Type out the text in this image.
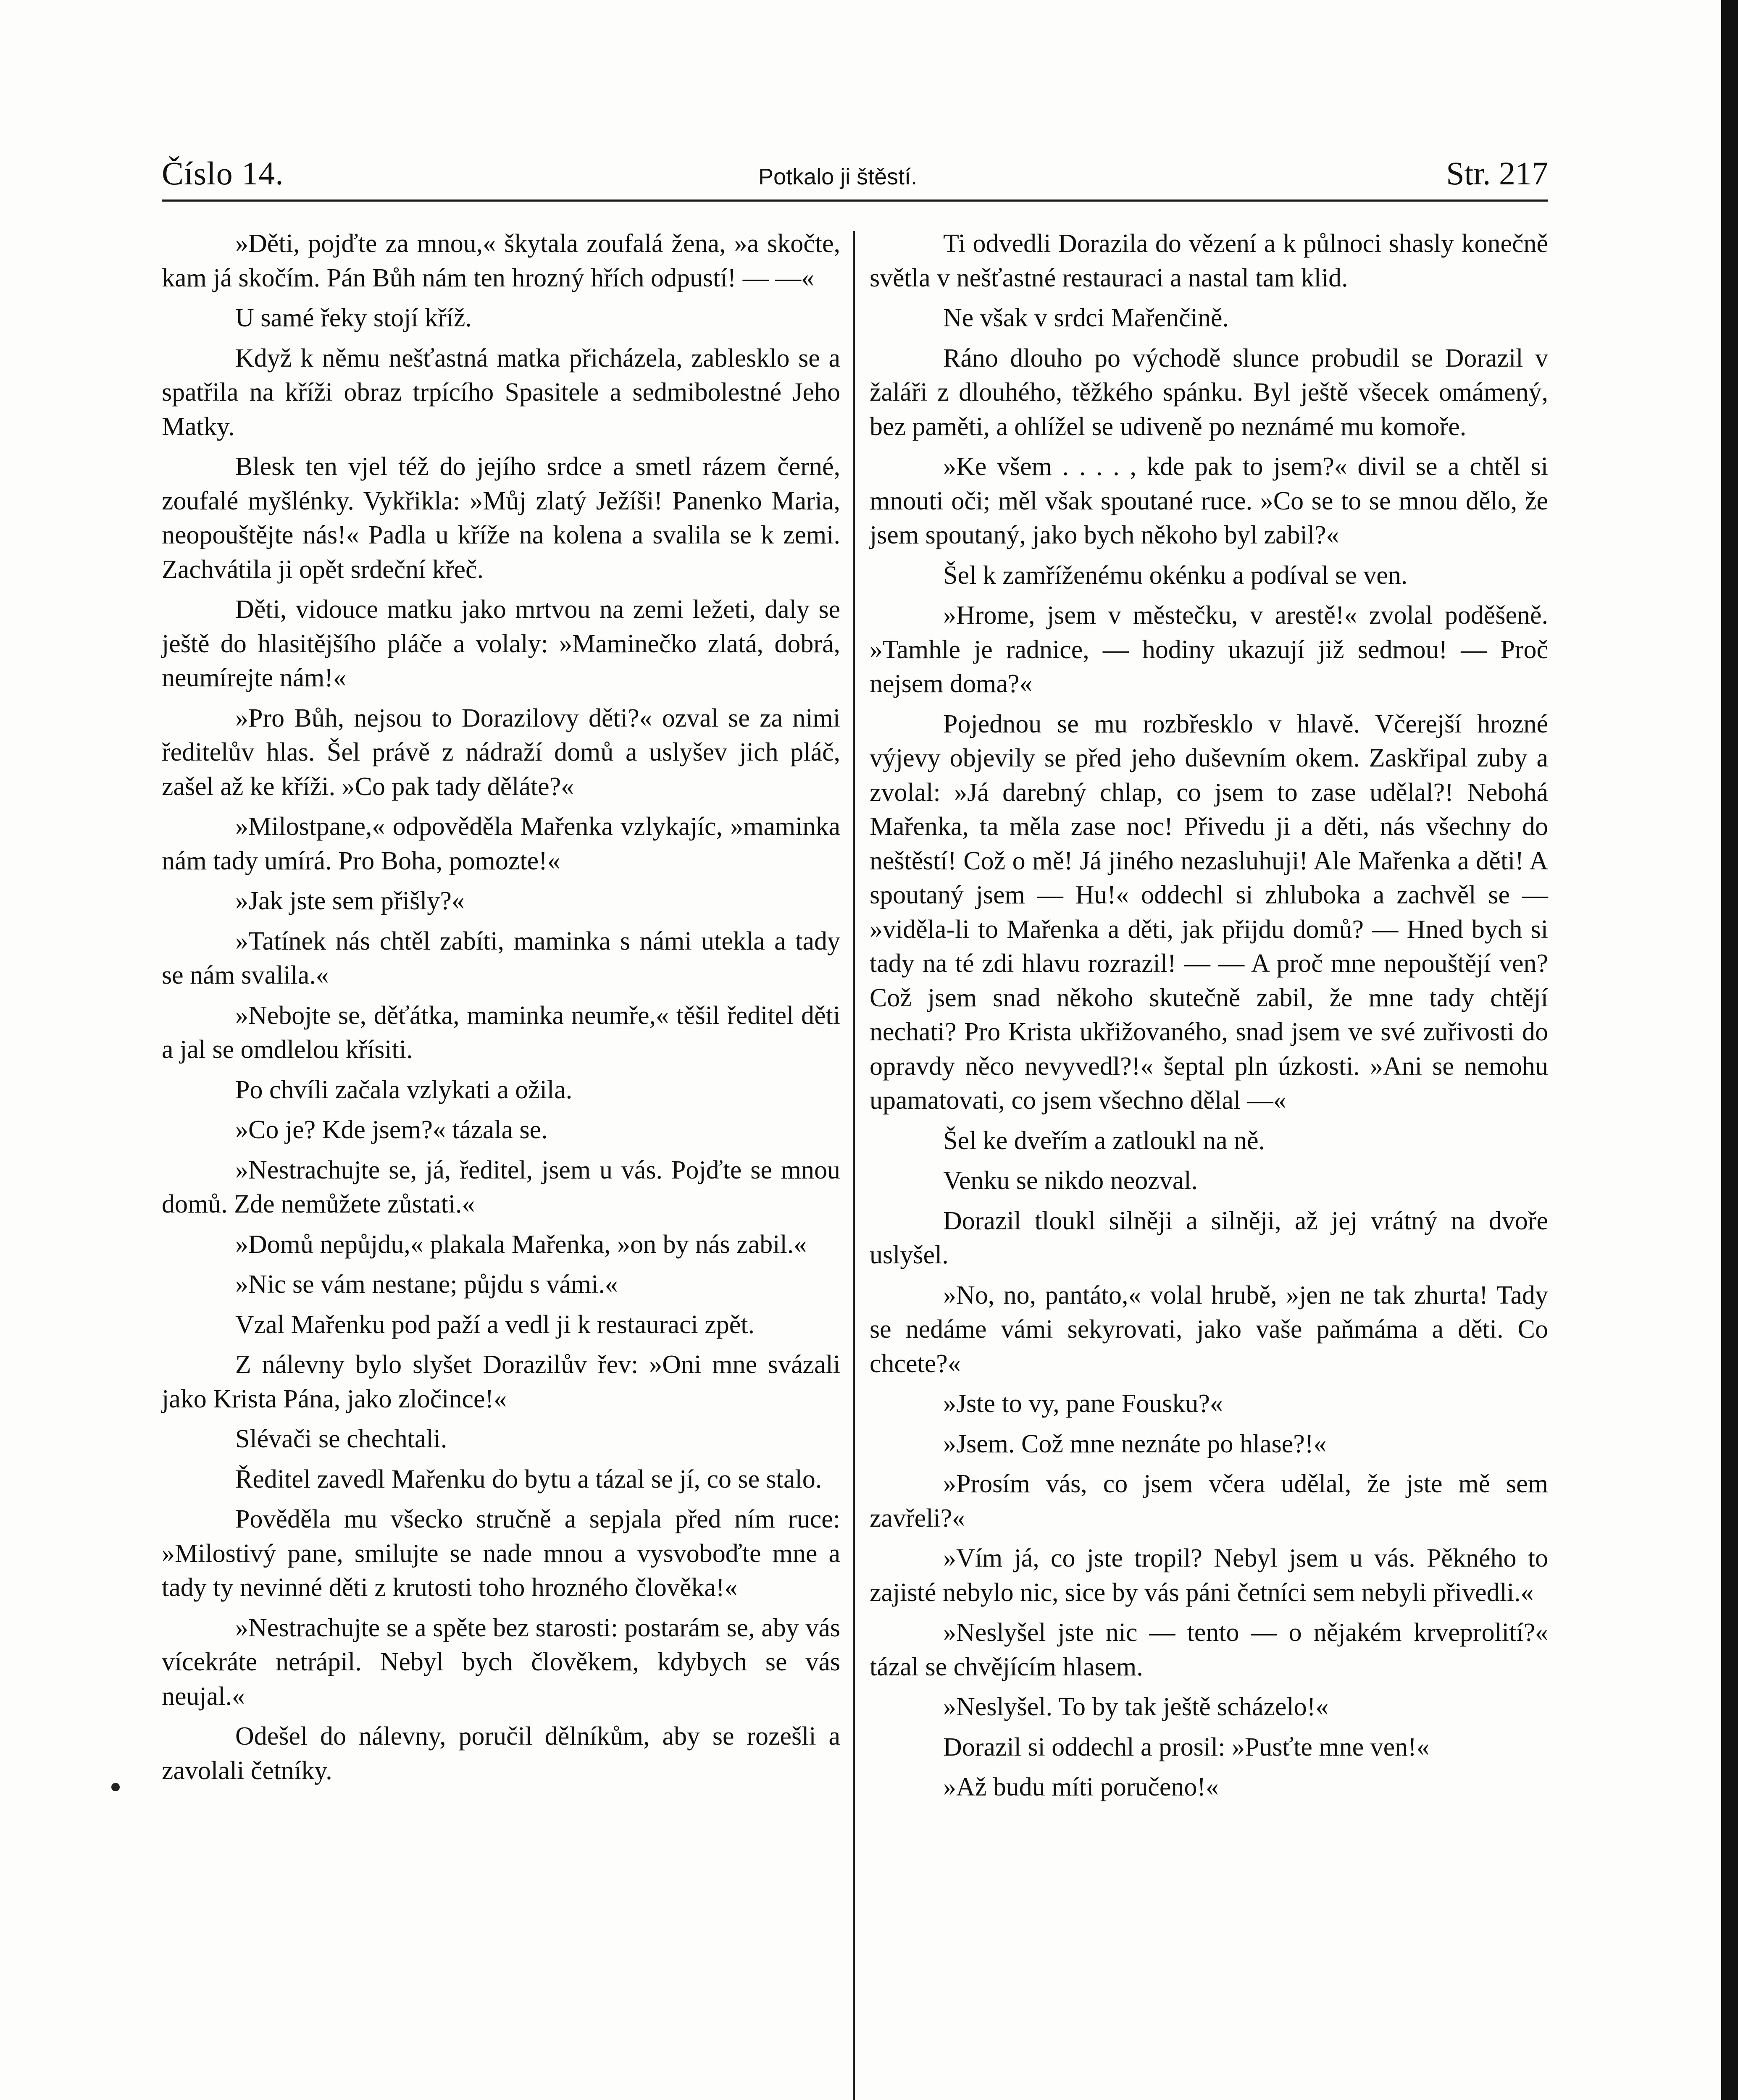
Číslo 14.	Potkalo ji štěstí.	Str. 217

»Děti, pojďte za mnou,« škytala zoufalá žena, »a skočte, kam já skočím. Pán Bůh nám ten hrozný hřích odpustí! — —«

U samé řeky stojí kříž.

Když k němu nešťastná matka přicházela, zablesklo se a spatřila na kříži obraz trpícího Spasitele a sedmibolestné Jeho Matky.

Blesk ten vjel též do jejího srdce a smetl rázem černé, zoufalé myšlénky. Vykřikla: »Můj zlatý Ježíši! Panenko Maria, neopouštějte nás!« Padla u kříže na kolena a svalila se k zemi. Zachvátila ji opět srdeční křeč.

Děti, vidouce matku jako mrtvou na zemi ležeti, daly se ještě do hlasitějšího pláče a volaly: »Maminečko zlatá, dobrá, neumírejte nám!«

»Pro Bůh, nejsou to Dorazilovy děti?« ozval se za nimi ředitelův hlas. Šel právě z nádraží domů a uslyšev jich pláč, zašel až ke kříži. »Co pak tady děláte?«

»Milostpane,« odpověděla Mařenka vzlykajíc, »maminka nám tady umírá. Pro Boha, pomozte!«

»Jak jste sem přišly?«

»Tatínek nás chtěl zabíti, maminka s námi utekla a tady se nám svalila.«

»Nebojte se, děťátka, maminka neumře,« těšil ředitel děti a jal se omdlelou křísiti.

Po chvíli začala vzlykati a ožila.

»Co je? Kde jsem?« tázala se.

»Nestrachujte se, já, ředitel, jsem u vás. Pojďte se mnou domů. Zde nemůžete zůstati.«

»Domů nepůjdu,« plakala Mařenka, »on by nás zabil.«

»Nic se vám nestane; půjdu s vámi.«

Vzal Mařenku pod paží a vedl ji k restauraci zpět.

Z nálevny bylo slyšet Dorazilův řev: »Oni mne svázali jako Krista Pána, jako zločince!«

Slévači se chechtali.

Ředitel zavedl Mařenku do bytu a tázal se jí, co se stalo.

Pověděla mu všecko stručně a sepjala před ním ruce: »Milostivý pane, smilujte se nade mnou a vysvoboďte mne a tady ty nevinné děti z krutosti toho hrozného člověka!«

»Nestrachujte se a spěte bez starosti: postarám se, aby vás vícekráte netrápil. Nebyl bych člověkem, kdybych se vás neujal.«

Odešel do nálevny, poručil dělníkům, aby se rozešli a zavolali četníky.

Ti odvedli Dorazila do vězení a k půlnoci shasly konečně světla v nešťastné restauraci a nastal tam klid.

Ne však v srdci Mařenčině.

Ráno dlouho po východě slunce probudil se Dorazil v žaláři z dlouhého, těžkého spánku. Byl ještě všecek omámený, bez paměti, a ohlížel se udiveně po neznámé mu komoře.

»Ke všem . . . . , kde pak to jsem?« divil se a chtěl si mnouti oči; měl však spoutané ruce. »Co se to se mnou dělo, že jsem spoutaný, jako bych někoho byl zabil?«

Šel k zamříženému okénku a podíval se ven.

»Hrome, jsem v městečku, v arestě!« zvolal poděšeně. »Tamhle je radnice, — hodiny ukazují již sedmou! — Proč nejsem doma?«

Pojednou se mu rozbřesklo v hlavě. Včerejší hrozné výjevy objevily se před jeho duševním okem. Zaskřipal zuby a zvolal: »Já darebný chlap, co jsem to zase udělal?! Nebohá Mařenka, ta měla zase noc! Přivedu ji a děti, nás všechny do neštěstí! Což o mě! Já jiného nezasluhuji! Ale Mařenka a děti! A spoutaný jsem — Hu!« oddechl si zhluboka a zachvěl se — »viděla-li to Mařenka a děti, jak přijdu domů? — Hned bych si tady na té zdi hlavu rozrazil! — — A proč mne nepouštějí ven? Což jsem snad někoho skutečně zabil, že mne tady chtějí nechati? Pro Krista ukřižovaného, snad jsem ve své zuřivosti do opravdy něco nevyvedl?!« šeptal pln úzkosti. »Ani se nemohu upamatovati, co jsem všechno dělal —«

Šel ke dveřím a zatloukl na ně.

Venku se nikdo neozval.

Dorazil tloukl silněji a silněji, až jej vrátný na dvoře uslyšel.

»No, no, pantáto,« volal hrubě, »jen ne tak zhurta! Tady se nedáme vámi sekyrovati, jako vaše paňmáma a děti. Co chcete?«

»Jste to vy, pane Fousku?«

»Jsem. Což mne neznáte po hlase?!«

»Prosím vás, co jsem včera udělal, že jste mě sem zavřeli?«

»Vím já, co jste tropil? Nebyl jsem u vás. Pěkného to zajisté nebylo nic, sice by vás páni četníci sem nebyli přivedli.«

»Neslyšel jste nic — tento — o nějakém krveprolití?« tázal se chvějícím hlasem.

»Neslyšel. To by tak ještě scházelo!«

Dorazil si oddechl a prosil: »Pusťte mne ven!«

»Až budu míti poručeno!«
